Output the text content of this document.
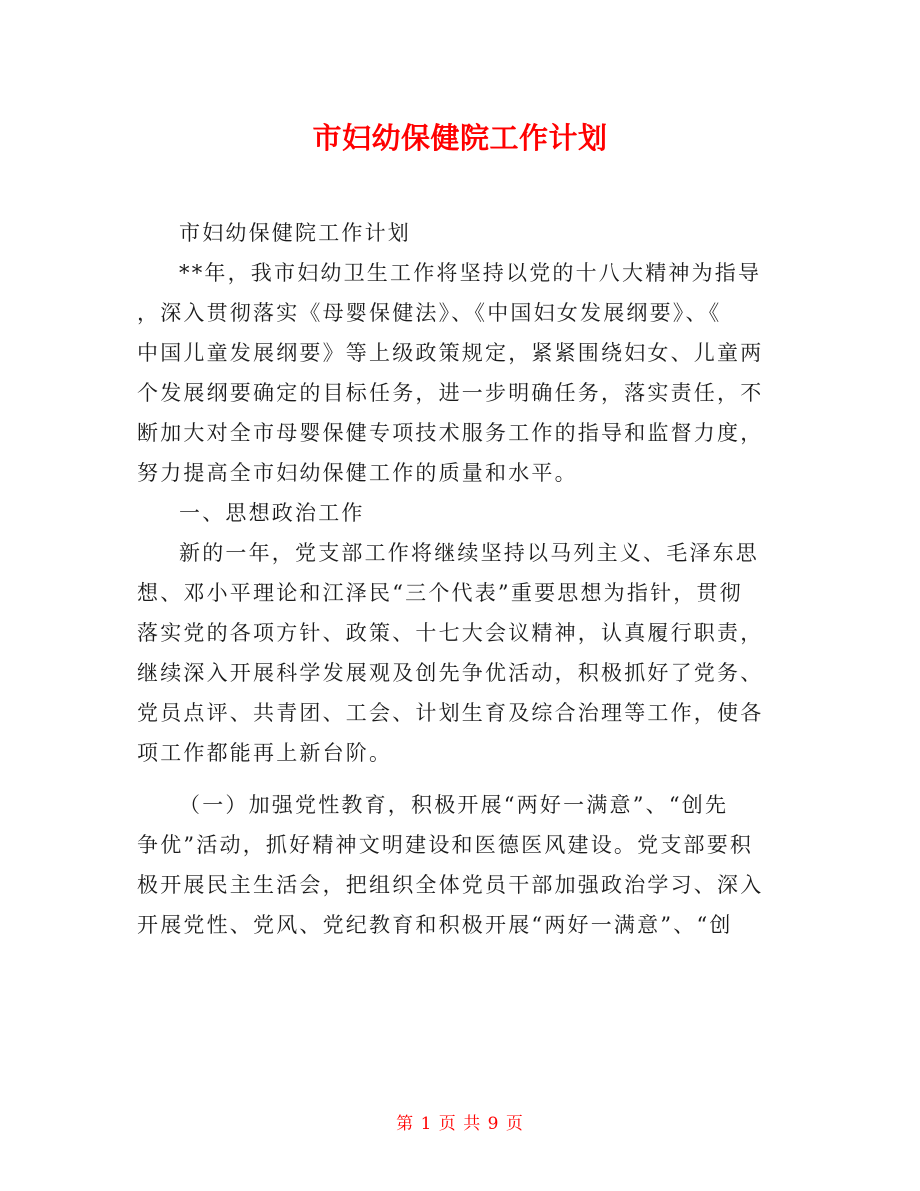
市妇幼保健院工作计划

市妇幼保健院工作计划

**年，我市妇幼卫生工作将坚持以党的十八大精神为指导
，深入贯彻落实《母婴保健法》、《中国妇女发展纲要》、《
中国儿童发展纲要》等上级政策规定，紧紧围绕妇女、儿童两
个发展纲要确定的目标任务，进一步明确任务，落实责任，不
断加大对全市母婴保健专项技术服务工作的指导和监督力度，
努力提高全市妇幼保健工作的质量和水平。

一、思想政治工作

新的一年，党支部工作将继续坚持以马列主义、毛泽东思
想、邓小平理论和江泽民“三个代表”重要思想为指针，贯彻
落实党的各项方针、政策、十七大会议精神，认真履行职责，
继续深入开展科学发展观及创先争优活动，积极抓好了党务、
党员点评、共青团、工会、计划生育及综合治理等工作，使各
项工作都能再上新台阶。

（一）加强党性教育，积极开展“两好一满意”、“创先
争优”活动，抓好精神文明建设和医德医风建设。党支部要积
极开展民主生活会，把组织全体党员干部加强政治学习、深入
开展党性、党风、党纪教育和积极开展“两好一满意”、“创

第 1 页 共 9 页
